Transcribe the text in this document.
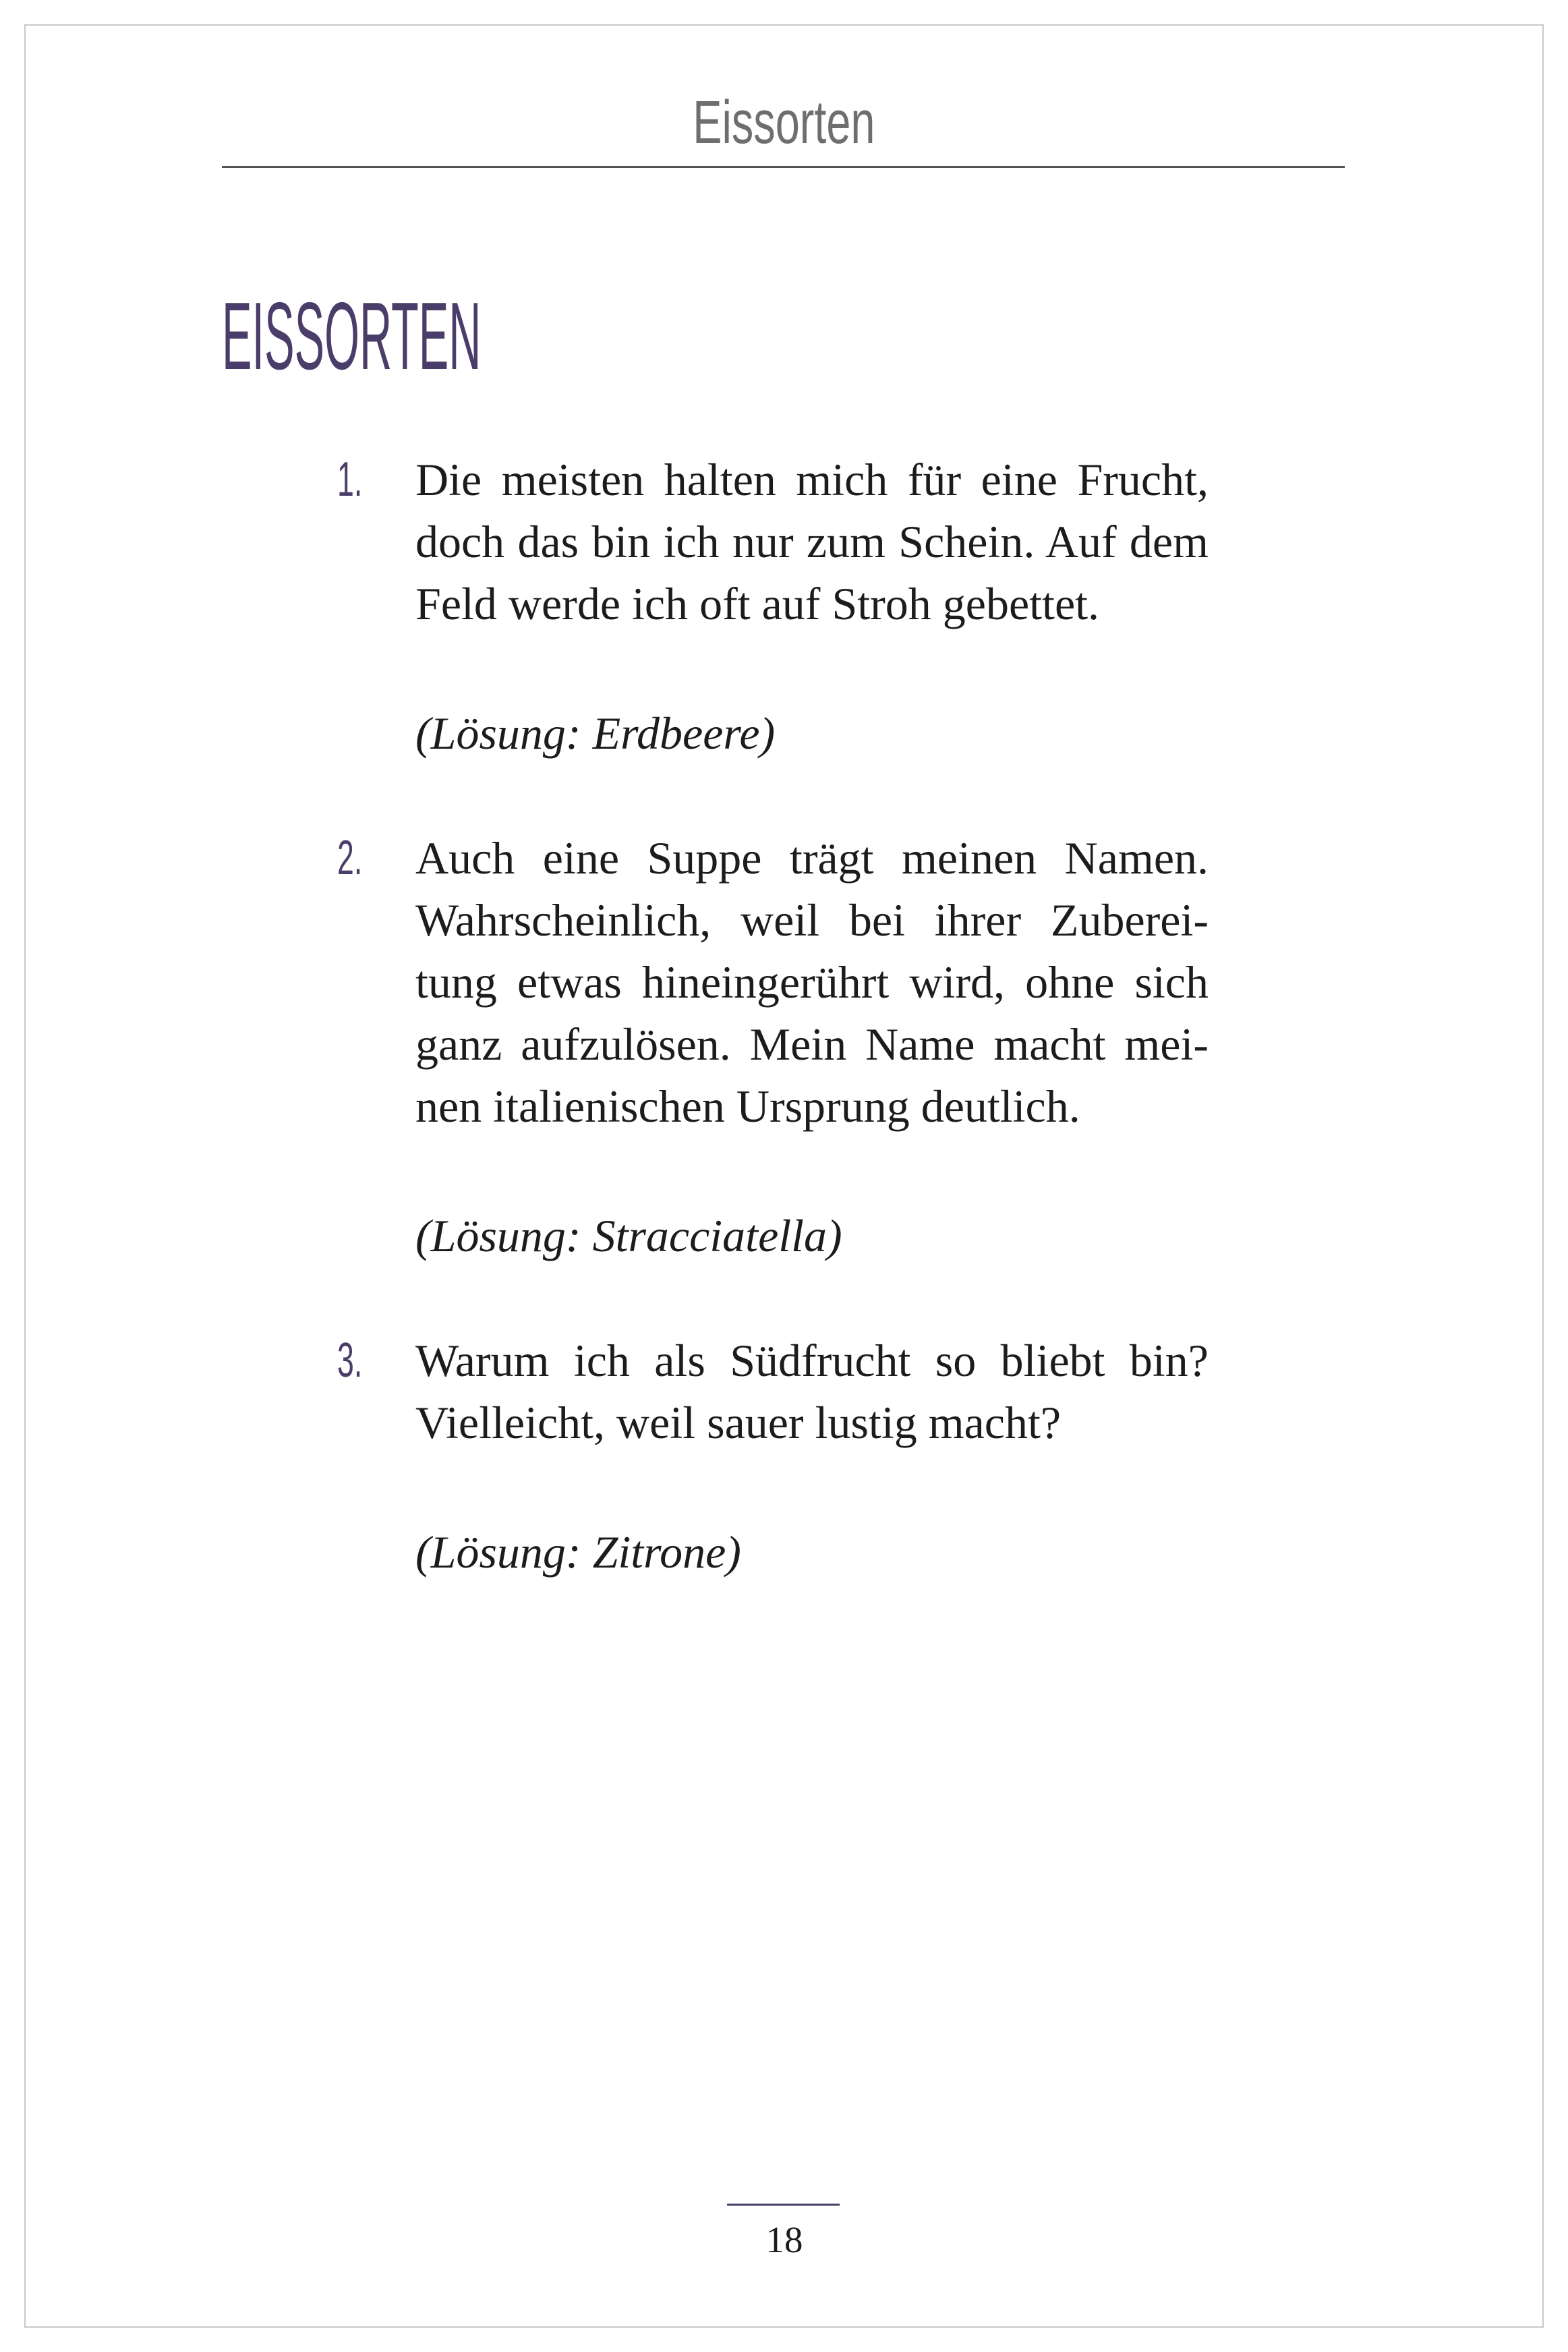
Eissorten
EISSORTEN
1. Die meisten halten mich für eine Frucht,
doch das bin ich nur zum Schein. Auf dem
Feld werde ich oft auf Stroh gebettet.
(Lösung: Erdbeere)
2. Auch eine Suppe trägt meinen Namen.
Wahrscheinlich, weil bei ihrer Zuberei-
tung etwas hineingerührt wird, ohne sich
ganz aufzulösen. Mein Name macht mei-
nen italienischen Ursprung deutlich.
(Lösung: Stracciatella)
3. Warum ich als Südfrucht so bliebt bin?
Vielleicht, weil sauer lustig macht?
(Lösung: Zitrone)
18
